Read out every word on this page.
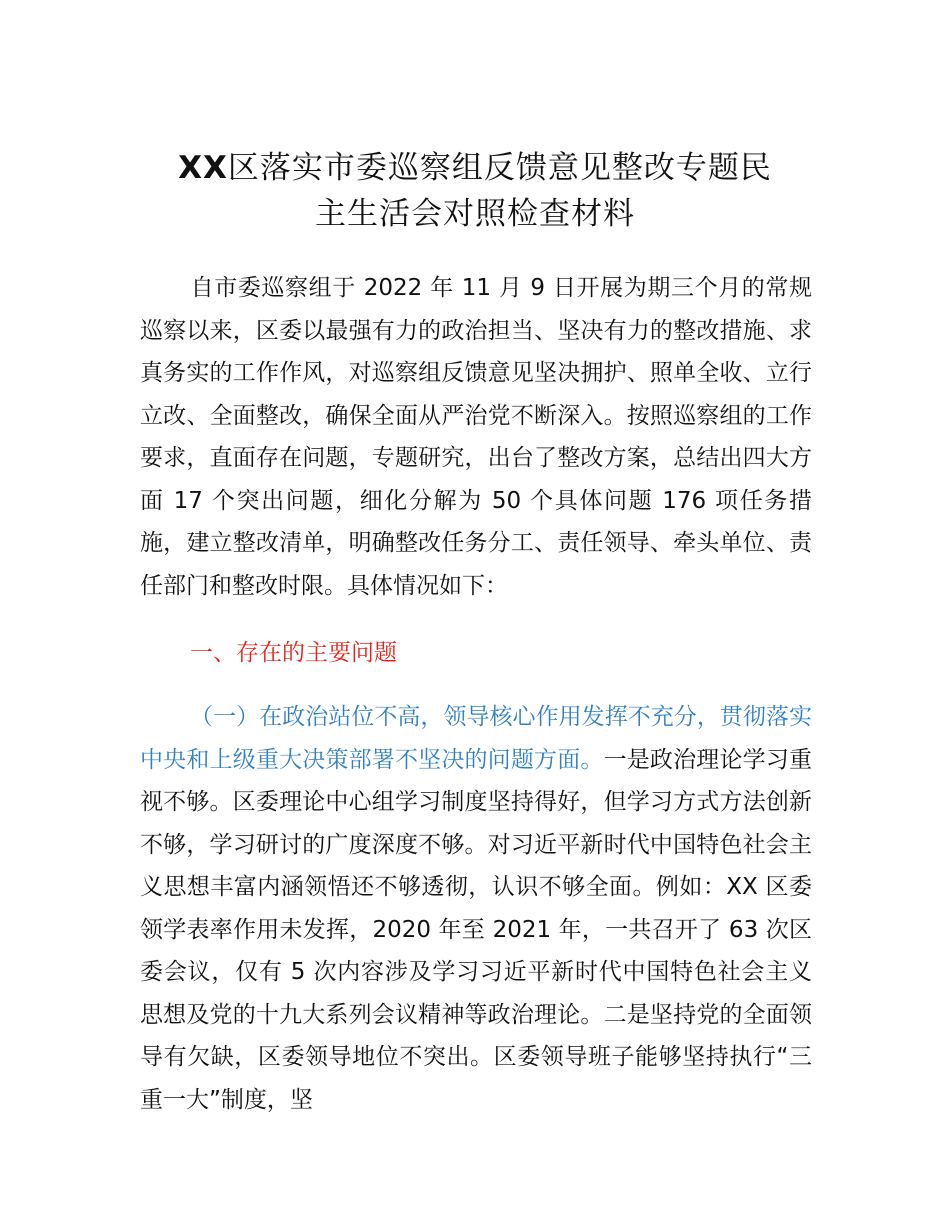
XX区落实市委巡察组反馈意见整改专题民
主生活会对照检查材料

自市委巡察组于 2022 年 11 月 9 日开展为期三个月的常规巡察以来，区委以最强有力的政治担当、坚决有力的整改措施、求真务实的工作作风，对巡察组反馈意见坚决拥护、照单全收、立行立改、全面整改，确保全面从严治党不断深入。按照巡察组的工作要求，直面存在问题，专题研究，出台了整改方案，总结出四大方面 17 个突出问题，细化分解为 50 个具体问题 176 项任务措施，建立整改清单，明确整改任务分工、责任领导、牵头单位、责任部门和整改时限。具体情况如下：

一、存在的主要问题

（一）在政治站位不高，领导核心作用发挥不充分，贯彻落实中央和上级重大决策部署不坚决的问题方面。一是政治理论学习重视不够。区委理论中心组学习制度坚持得好，但学习方式方法创新不够，学习研讨的广度深度不够。对习近平新时代中国特色社会主义思想丰富内涵领悟还不够透彻，认识不够全面。例如：XX 区委领学表率作用未发挥，2020 年至 2021 年，一共召开了 63 次区委会议，仅有 5 次内容涉及学习习近平新时代中国特色社会主义思想及党的十九大系列会议精神等政治理论。二是坚持党的全面领导有欠缺，区委领导地位不突出。区委领导班子能够坚持执行“三重一大”制度，坚
